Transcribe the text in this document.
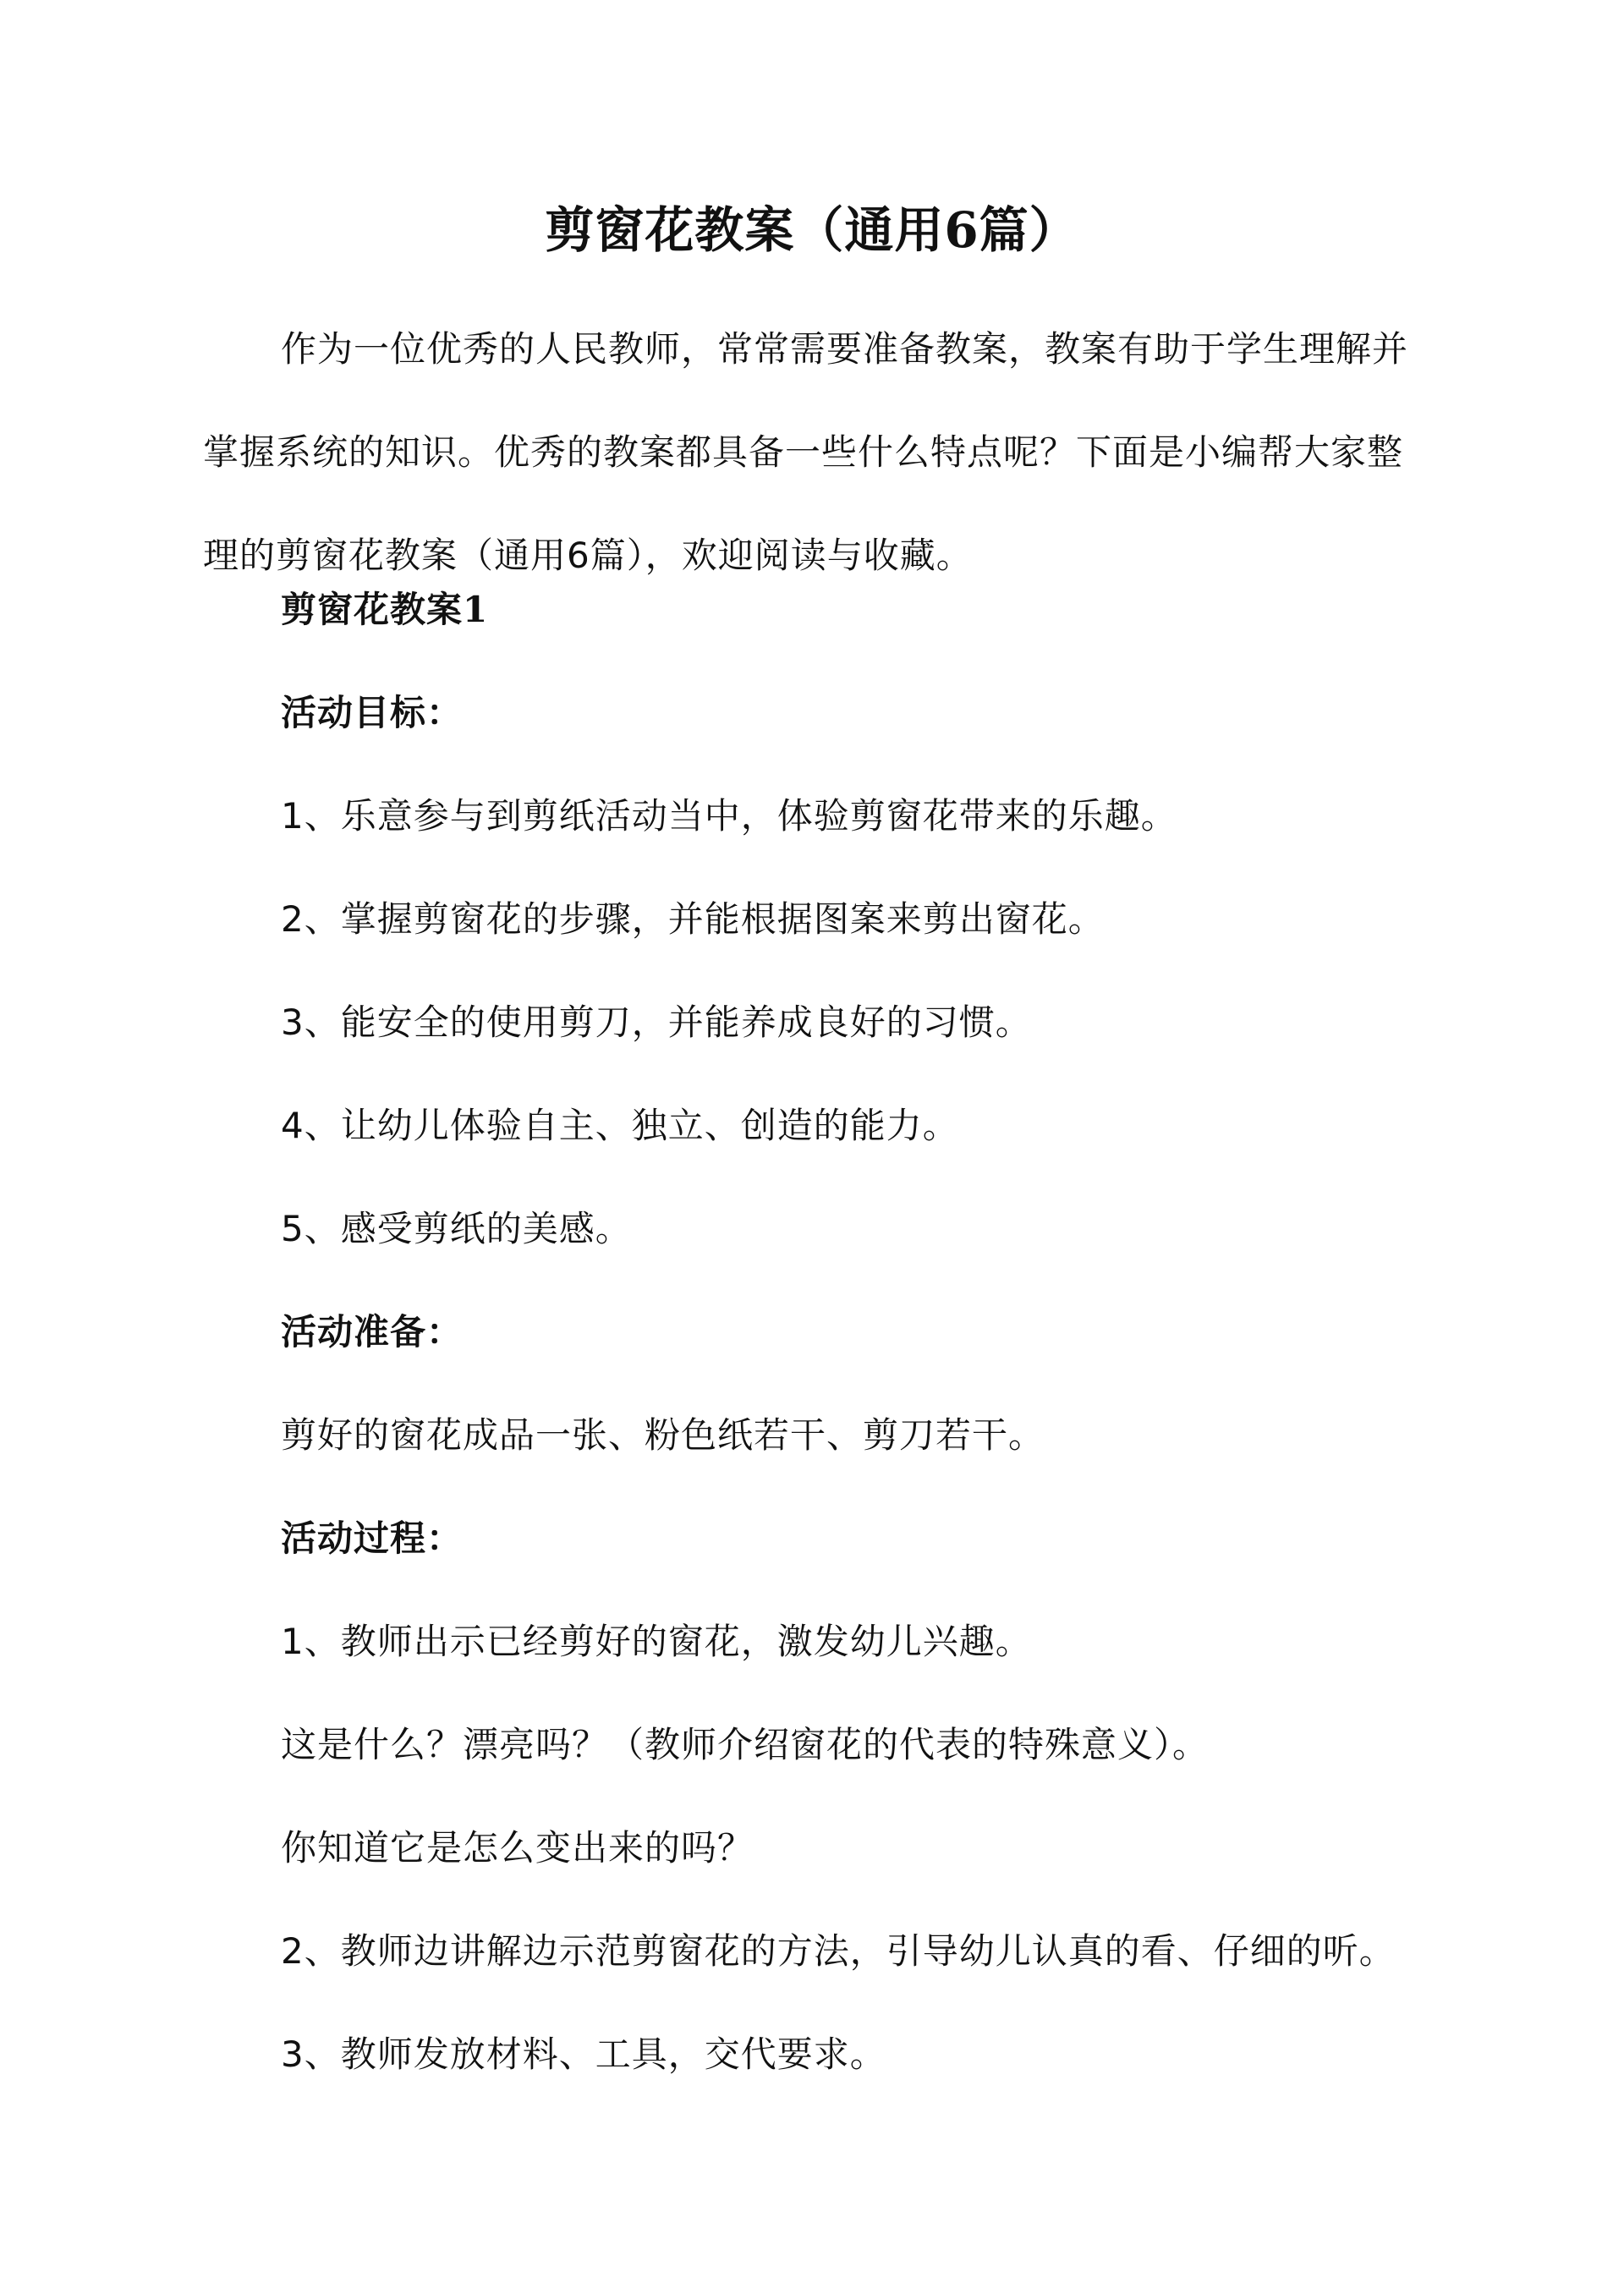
剪窗花教案（通用6篇）

作为一位优秀的人民教师，常常需要准备教案，教案有助于学生理解并掌握系统的知识。优秀的教案都具备一些什么特点呢？下面是小编帮大家整理的剪窗花教案（通用6篇），欢迎阅读与收藏。

剪窗花教案1
活动目标：
1、乐意参与到剪纸活动当中，体验剪窗花带来的乐趣。
2、掌握剪窗花的步骤，并能根据图案来剪出窗花。
3、能安全的使用剪刀，并能养成良好的习惯。
4、让幼儿体验自主、独立、创造的能力。
5、感受剪纸的美感。
活动准备：
剪好的窗花成品一张、粉色纸若干、剪刀若干。
活动过程：
1、教师出示已经剪好的窗花，激发幼儿兴趣。
这是什么？漂亮吗？（教师介绍窗花的代表的特殊意义）。
你知道它是怎么变出来的吗？
2、教师边讲解边示范剪窗花的方法，引导幼儿认真的看、仔细的听。
3、教师发放材料、工具，交代要求。
